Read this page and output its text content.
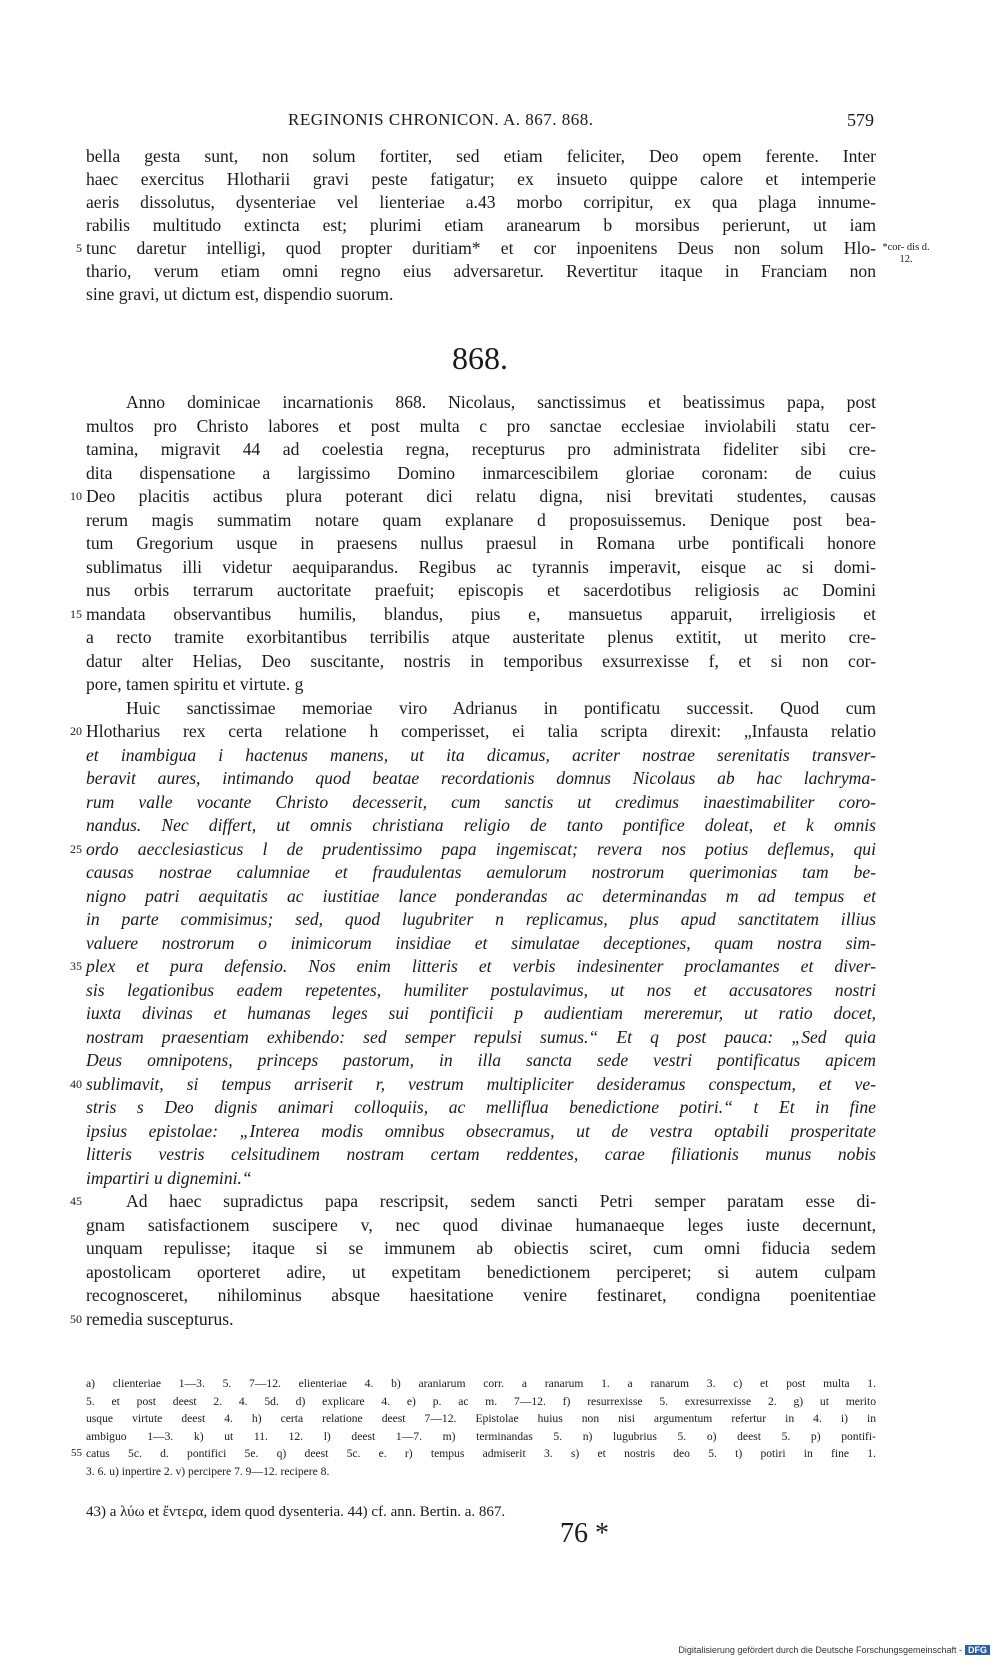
REGINONIS CHRONICON. A. 867. 868.	579
bella gesta sunt, non solum fortiter, sed etiam feliciter, Deo opem ferente. Inter
haec exercitus Hlotharii gravi peste fatigatur; ex insueto quippe calore et intemperie
aeris dissolutus, dysenteriae vel lienteriae a.43 morbo corripitur, ex qua plaga innume-
rabilis multitudo extincta est; plurimi etiam aranearum b morsibus perierunt, ut iam
tunc daretur intelligi, quod propter duritiam* et cor inpoenitens Deus non solum Hlo-
thario, verum etiam omni regno eius adversaretur. Revertitur itaque in Franciam non
sine gravi, ut dictum est, dispendio suorum.
5	*cor- dis d. 12.
868.
Anno dominicae incarnationis 868. Nicolaus, sanctissimus et beatissimus papa, post
multos pro Christo labores et post multa c pro sanctae ecclesiae inviolabili statu cer-
tamina, migravit 44 ad coelestia regna, recepturus pro administrata fideliter sibi cre-
dita dispensatione a largissimo Domino inmarcescibilem gloriae coronam: de cuius
Deo placitis actibus plura poterant dici relatu digna, nisi brevitati studentes, causas
rerum magis summatim notare quam explanare d proposuissemus. Denique post bea-
tum Gregorium usque in praesens nullus praesul in Romana urbe pontificali honore
sublimatus illi videtur aequiparandus. Regibus ac tyrannis imperavit, eisque ac si domi-
nus orbis terrarum auctoritate praefuit; episcopis et sacerdotibus religiosis ac Domini
mandata observantibus humilis, blandus, pius e, mansuetus apparuit, irreligiosis et
a recto tramite exorbitantibus terribilis atque austeritate plenus extitit, ut merito cre-
datur alter Helias, Deo suscitante, nostris in temporibus exsurrexisse f, et si non cor-
pore, tamen spiritu et virtute. g
Huic sanctissimae memoriae viro Adrianus in pontificatu successit. Quod cum
Hlotharius rex certa relatione h comperisset, ei talia scripta direxit: „Infausta relatio
et inambigua i hactenus manens, ut ita dicamus, acriter nostrae serenitatis transver-
beravit aures, intimando quod beatae recordationis domnus Nicolaus ab hac lachryma-
rum valle vocante Christo decesserit, cum sanctis ut credimus inaestimabiliter coro-
nandus. Nec differt, ut omnis christiana religio de tanto pontifice doleat, et k omnis
ordo aecclesiasticus l de prudentissimo papa ingemiscat; revera nos potius deflemus, qui
causas nostrae calumniae et fraudulentas aemulorum nostrorum querimonias tam be-
nigno patri aequitatis ac iustitiae lance ponderandas ac determinandas m ad tempus et
in parte commisimus; sed, quod lugubriter n replicamus, plus apud sanctitatem illius
valuere nostrorum o inimicorum insidiae et simulatae deceptiones, quam nostra sim-
plex et pura defensio. Nos enim litteris et verbis indesinenter proclamantes et diver-
sis legationibus eadem repetentes, humiliter postulavimus, ut nos et accusatores nostri
iuxta divinas et humanas leges sui pontificii p audientiam mereremur, ut ratio docet,
nostram praesentiam exhibendo: sed semper repulsi sumus.“ Et q post pauca: „Sed quia
Deus omnipotens, princeps pastorum, in illa sancta sede vestri pontificatus apicem
sublimavit, si tempus arriserit r, vestrum multipliciter desideramus conspectum, et ve-
stris s Deo dignis animari colloquiis, ac melliflua benedictione potiri.“ t Et in fine
ipsius epistolae: „Interea modis omnibus obsecramus, ut de vestra optabili prosperitate
litteris vestris celsitudinem nostram certam reddentes, carae filiationis munus nobis
impartiri u dignemini.“
Ad haec supradictus papa rescripsit, sedem sancti Petri semper paratam esse di-
gnam satisfactionem suscipere v, nec quod divinae humanaeque leges iuste decernunt,
unquam repulisse; itaque si se immunem ab obiectis sciret, cum omni fiducia sedem
apostolicam oporteret adire, ut expetitam benedictionem perciperet; si autem culpam
recognosceret, nihilominus absque haesitatione venire festinaret, condigna poenitentiae
remedia suscepturus.
10
15
20
25
35
40
45
50
a) clienteriae 1—3. 5. 7—12. elienteriae 4. b) araniarum corr. a ranarum 1. a ranarum 3. c) et post multa 1.
5. et post deest 2. 4. 5d. d) explicare 4. e) p. ac m. 7—12. f) resurrexisse 5. exresurrexisse 2. g) ut merito
usque virtute deest 4. h) certa relatione deest 7—12. Epistolae huius non nisi argumentum refertur in 4. i) in
ambiguo 1—3. k) ut 11. 12. l) deest 1—7. m) terminandas 5. n) lugubrius 5. o) deest 5. p) pontifi-
catus 5c. d. pontifici 5e. q) deest 5c. e. r) tempus admiserit 3. s) et nostris deo 5. t) potiri in fine 1.
3. 6. u) inpertire 2. v) percipere 7. 9—12. recipere 8.
55
43) a λύω et ἔντερα, idem quod dysenteria. 44) cf. ann. Bertin. a. 867.
76 *
Digitalisierung gefördert durch die Deutsche Forschungsgemeinschaft - DFG
